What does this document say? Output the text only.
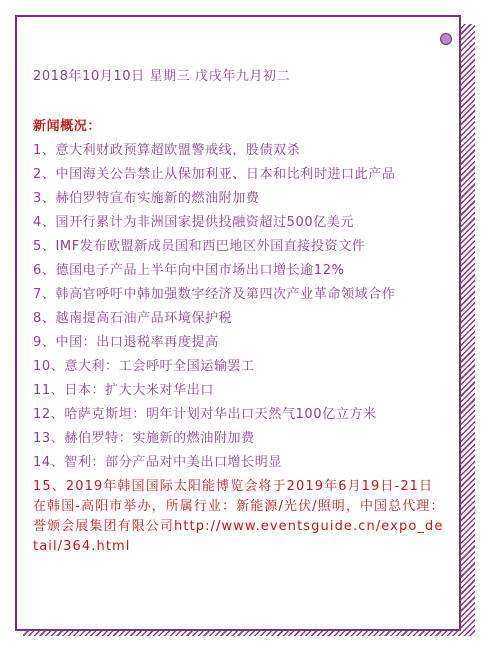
2018年10月10日 星期三 戊戌年九月初二

新闻概况：

1、意大利财政预算超欧盟警戒线，股债双杀
2、中国海关公告禁止从保加利亚、日本和比利时进口此产品
3、赫伯罗特宣布实施新的燃油附加费
4、国开行累计为非洲国家提供投融资超过500亿美元
5、IMF发布欧盟新成员国和西巴地区外国直接投资文件
6、德国电子产品上半年向中国市场出口增长逾12%
7、韩高官呼吁中韩加强数字经济及第四次产业革命领域合作
8、越南提高石油产品环境保护税
9、中国：出口退税率再度提高
10、意大利：工会呼吁全国运输罢工
11、日本：扩大大米对华出口
12、哈萨克斯坦：明年计划对华出口天然气100亿立方米
13、赫伯罗特：实施新的燃油附加费
14、智利：部分产品对中美出口增长明显
15、2019年韩国国际太阳能博览会将于2019年6月19日-21日在韩国-高阳市举办，所属行业：新能源/光伏/照明，中国总代理：誉颁会展集团有限公司http://www.eventsguide.cn/expo_detail/364.html
